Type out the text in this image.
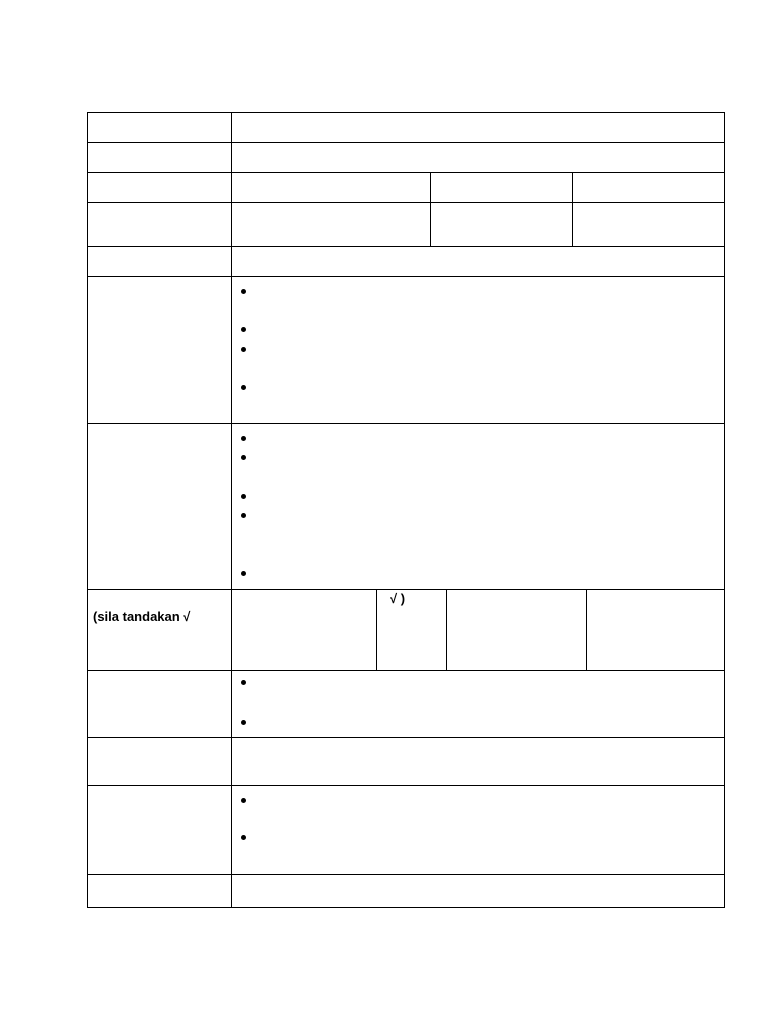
(sila tandakan √
√ )
